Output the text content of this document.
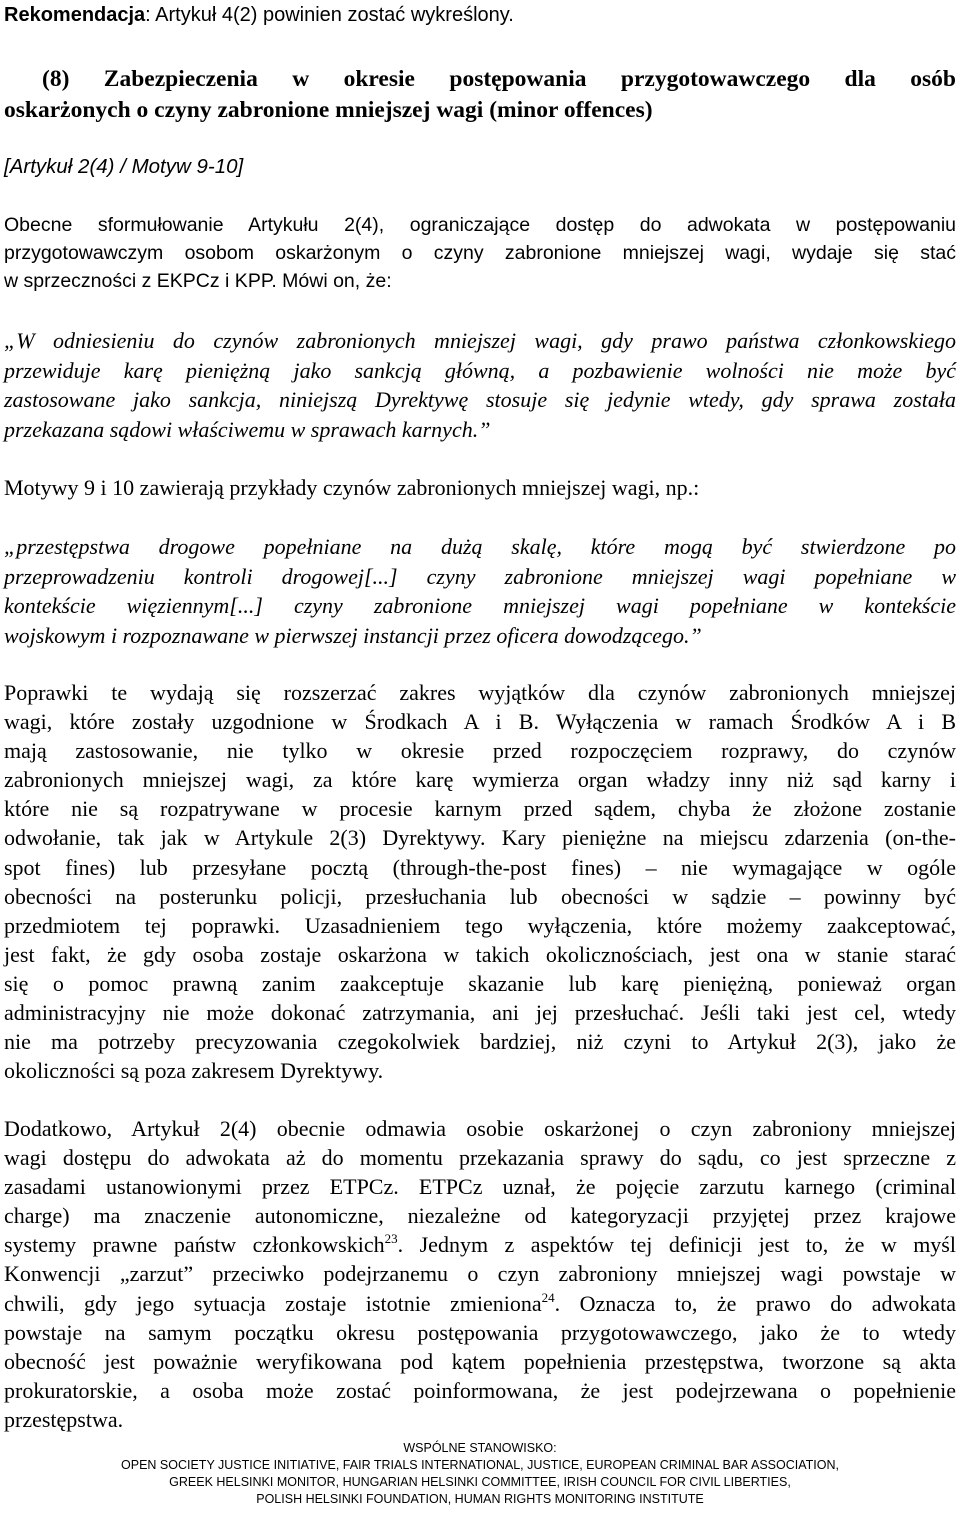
Rekomendacja: Artykuł 4(2) powinien zostać wykreślony.
(8) Zabezpieczenia w okresie postępowania przygotowawczego dla osób
oskarżonych o czyny zabronione mniejszej wagi (minor offences)
[Artykuł 2(4) / Motyw 9-10]
Obecne sformułowanie Artykułu 2(4), ograniczające dostęp do adwokata w postępowaniu
przygotowawczym osobom oskarżonym o czyny zabronione mniejszej wagi, wydaje się stać
w sprzeczności z EKPCz i KPP. Mówi on, że:
„W odniesieniu do czynów zabronionych mniejszej wagi, gdy prawo państwa członkowskiego
przewiduje karę pieniężną jako sankcją główną, a pozbawienie wolności nie może być
zastosowane jako sankcja, niniejszą Dyrektywę stosuje się jedynie wtedy, gdy sprawa została
przekazana sądowi właściwemu w sprawach karnych.”
Motywy 9 i 10 zawierają przykłady czynów zabronionych mniejszej wagi, np.:
„przestępstwa drogowe popełniane na dużą skalę, które mogą być stwierdzone po
przeprowadzeniu kontroli drogowej[...] czyny zabronione mniejszej wagi popełniane w
kontekście więziennym[...] czyny zabronione mniejszej wagi popełniane w kontekście
wojskowym i rozpoznawane w pierwszej instancji przez oficera dowodzącego.”
Poprawki te wydają się rozszerzać zakres wyjątków dla czynów zabronionych mniejszej
wagi, które zostały uzgodnione w Środkach A i B. Wyłączenia w ramach Środków A i B
mają zastosowanie, nie tylko w okresie przed rozpoczęciem rozprawy, do czynów
zabronionych mniejszej wagi, za które karę wymierza organ władzy inny niż sąd karny i
które nie są rozpatrywane w procesie karnym przed sądem, chyba że złożone zostanie
odwołanie, tak jak w Artykule 2(3) Dyrektywy. Kary pieniężne na miejscu zdarzenia (on-the-
spot fines) lub przesyłane pocztą (through-the-post fines) – nie wymagające w ogóle
obecności na posterunku policji, przesłuchania lub obecności w sądzie – powinny być
przedmiotem tej poprawki. Uzasadnieniem tego wyłączenia, które możemy zaakceptować,
jest fakt, że gdy osoba zostaje oskarżona w takich okolicznościach, jest ona w stanie starać
się o pomoc prawną zanim zaakceptuje skazanie lub karę pieniężną, ponieważ organ
administracyjny nie może dokonać zatrzymania, ani jej przesłuchać. Jeśli taki jest cel, wtedy
nie ma potrzeby precyzowania czegokolwiek bardziej, niż czyni to Artykuł 2(3), jako że
okoliczności są poza zakresem Dyrektywy.
Dodatkowo, Artykuł 2(4) obecnie odmawia osobie oskarżonej o czyn zabroniony mniejszej
wagi dostępu do adwokata aż do momentu przekazania sprawy do sądu, co jest sprzeczne z
zasadami ustanowionymi przez ETPCz. ETPCz uznał, że pojęcie zarzutu karnego (criminal
charge) ma znaczenie autonomiczne, niezależne od kategoryzacji przyjętej przez krajowe
systemy prawne państw członkowskich$^{23}$. Jednym z aspektów tej definicji jest to, że w myśl
Konwencji „zarzut” przeciwko podejrzanemu o czyn zabroniony mniejszej wagi powstaje w
chwili, gdy jego sytuacja zostaje istotnie zmieniona$^{24}$. Oznacza to, że prawo do adwokata
powstaje na samym początku okresu postępowania przygotowawczego, jako że to wtedy
obecność jest poważnie weryfikowana pod kątem popełnienia przestępstwa, tworzone są akta
prokuratorskie, a osoba może zostać poinformowana, że jest podejrzewana o popełnienie
przestępstwa.
WSPÓLNE STANOWISKO:
OPEN SOCIETY JUSTICE INITIATIVE, FAIR TRIALS INTERNATIONAL, JUSTICE, EUROPEAN CRIMINAL BAR ASSOCIATION,
GREEK HELSINKI MONITOR, HUNGARIAN HELSINKI COMMITTEE, IRISH COUNCIL FOR CIVIL LIBERTIES,
POLISH HELSINKI FOUNDATION, HUMAN RIGHTS MONITORING INSTITUTE
